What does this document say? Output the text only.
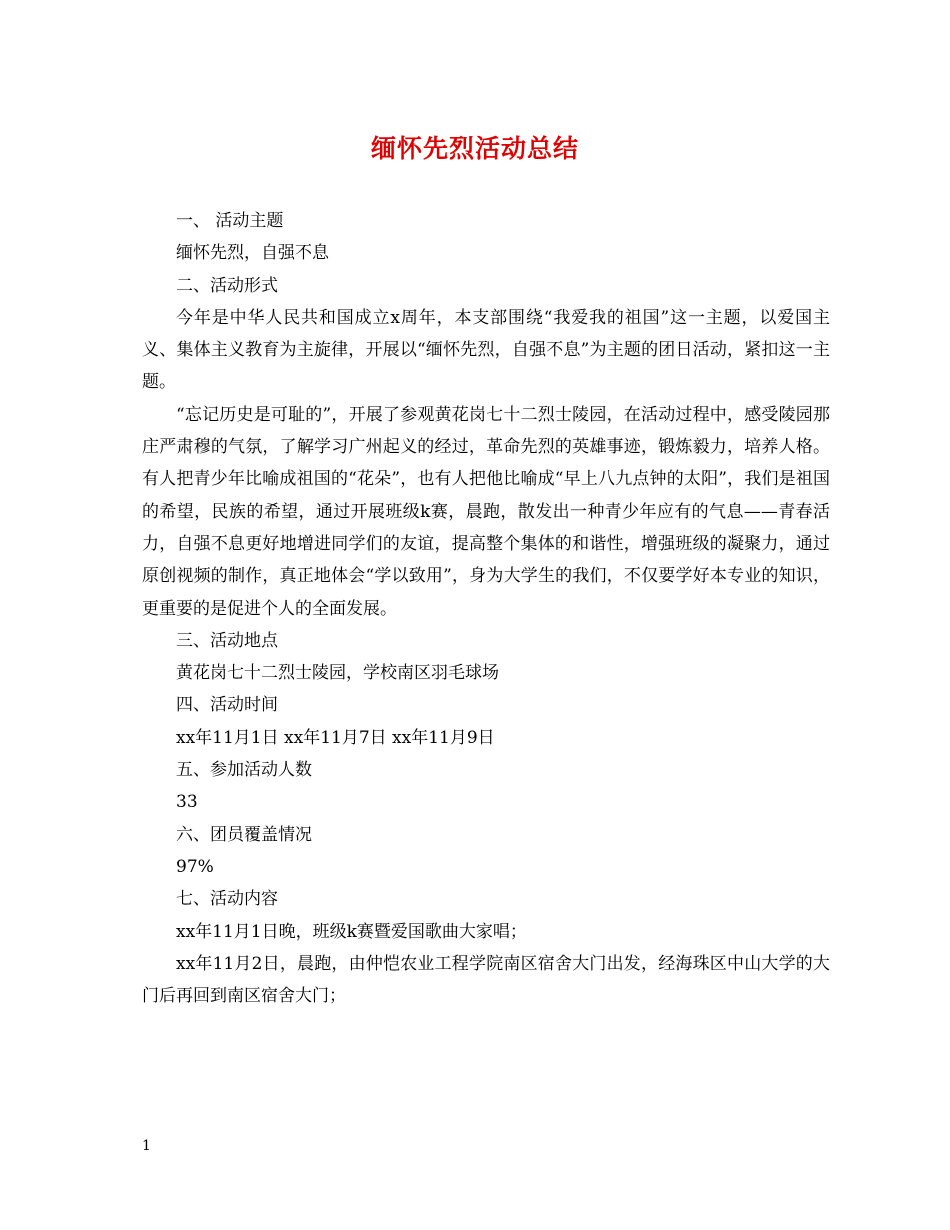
缅怀先烈活动总结

一、 活动主题

缅怀先烈，自强不息

二、活动形式

今年是中华人民共和国成立x周年，本支部围绕“我爱我的祖国”这一主题，以爱国主义、集体主义教育为主旋律，开展以“缅怀先烈，自强不息”为主题的团日活动，紧扣这一主题。

“忘记历史是可耻的”，开展了参观黄花岗七十二烈士陵园，在活动过程中，感受陵园那庄严肃穆的气氛，了解学习广州起义的经过，革命先烈的英雄事迹，锻炼毅力，培养人格。有人把青少年比喻成祖国的“花朵”，也有人把他比喻成“早上八九点钟的太阳”，我们是祖国的希望，民族的希望，通过开展班级k赛，晨跑，散发出一种青少年应有的气息——青春活力，自强不息更好地增进同学们的友谊，提高整个集体的和谐性，增强班级的凝聚力，通过原创视频的制作，真正地体会“学以致用”，身为大学生的我们，不仅要学好本专业的知识，更重要的是促进个人的全面发展。

三、活动地点

黄花岗七十二烈士陵园，学校南区羽毛球场

四、活动时间

xx年11月1日 xx年11月7日 xx年11月9日

五、参加活动人数

33

六、团员覆盖情况

97%

七、活动内容

xx年11月1日晚，班级k赛暨爱国歌曲大家唱；

xx年11月2日，晨跑，由仲恺农业工程学院南区宿舍大门出发，经海珠区中山大学的大门后再回到南区宿舍大门；

1
